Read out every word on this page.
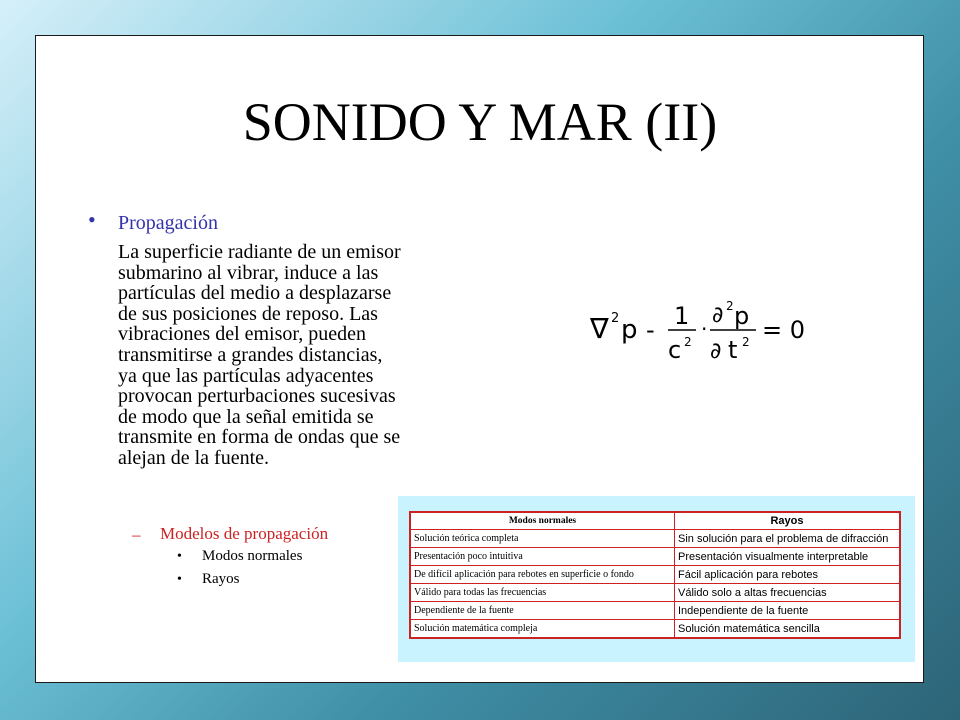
SONIDO Y MAR (II)
• Propagación
La superficie radiante de un emisor
submarino al vibrar, induce a las
partículas del medio a desplazarse
de sus posiciones de reposo. Las
vibraciones del emisor, pueden
transmitirse a grandes distancias,
ya que las partículas adyacentes
provocan perturbaciones sucesivas
de modo que la señal emitida se
transmite en forma de ondas que se
alejan de la fuente.
– Modelos de propagación
• Modos normales
• Rayos
∇ 2 p - 1
c 2
·
∂ 2 p
∂ t 2 = 0
Modos normales	Rayos
Solución teórica completa	Sin solución para el problema de difracción
Presentación poco intuitiva	Presentación visualmente interpretable
De difícil aplicación para rebotes en superficie o fondo	Fácil aplicación para rebotes
Válido para todas las frecuencias	Válido solo a altas frecuencias
Dependiente de la fuente	Independiente de la fuente
Solución matemática compleja	Solución matemática sencilla
